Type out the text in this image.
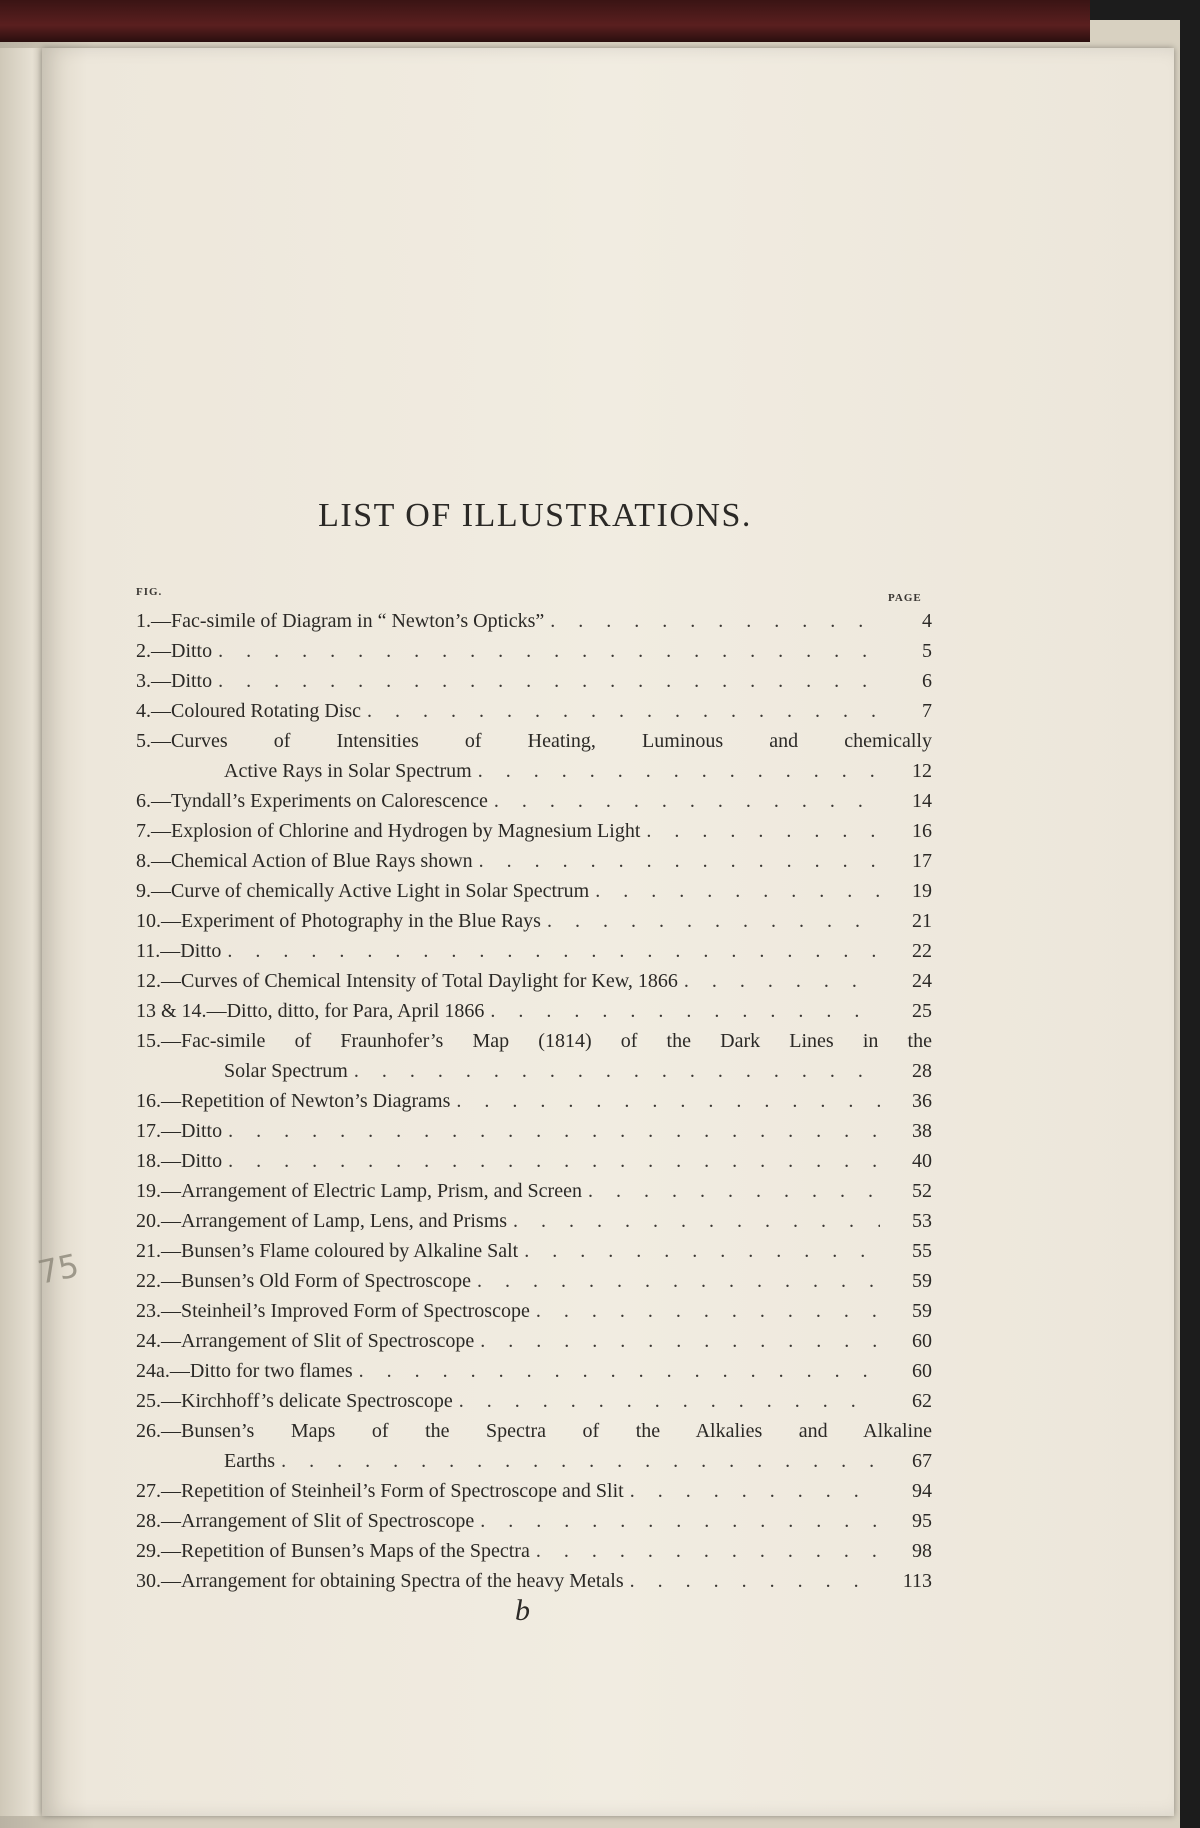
LIST OF ILLUSTRATIONS.
FIG.	PAGE
1. —Fac-simile of Diagram in “ Newton’s Opticks” . . .	4
2. —Ditto . . .	5
3. —Ditto . . .	6
4. —Coloured Rotating Disc . . .	7
5.—Curves of Intensities of Heating, Luminous and chemically
Active Rays in Solar Spectrum . . .	12
6. —Tyndall’s Experiments on Calorescence . . .	14
7. —Explosion of Chlorine and Hydrogen by Magnesium Light . . .	16
8. —Chemical Action of Blue Rays shown . . .	17
9. —Curve of chemically Active Light in Solar Spectrum . . .	19
10. —Experiment of Photography in the Blue Rays . . .	21
11. —Ditto . . .	22
12. —Curves of Chemical Intensity of Total Daylight for Kew, 1866 . . .	24
13 & 14. —Ditto, ditto, for Para, April 1866 . . .	25
15.—Fac-simile of Fraunhofer’s Map (1814) of the Dark Lines in the
Solar Spectrum . . .	28
16. —Repetition of Newton’s Diagrams . . .	36
17. —Ditto . . .	38
18. —Ditto . . .	40
19. —Arrangement of Electric Lamp, Prism, and Screen . . .	52
20. —Arrangement of Lamp, Lens, and Prisms . . .	53
21. —Bunsen’s Flame coloured by Alkaline Salt . . .	55
22. —Bunsen’s Old Form of Spectroscope . . .	59
23. —Steinheil’s Improved Form of Spectroscope . . .	59
24. —Arrangement of Slit of Spectroscope . . .	60
24a. —Ditto for two flames . . .	60
25. —Kirchhoff’s delicate Spectroscope . . .	62
26.—Bunsen’s Maps of the Spectra of the Alkalies and Alkaline
Earths . . .	67
27. —Repetition of Steinheil’s Form of Spectroscope and Slit . . .	94
28. —Arrangement of Slit of Spectroscope . . .	95
29. —Repetition of Bunsen’s Maps of the Spectra . . .	98
30. —Arrangement for obtaining Spectra of the heavy Metals . . .	113
b
75
